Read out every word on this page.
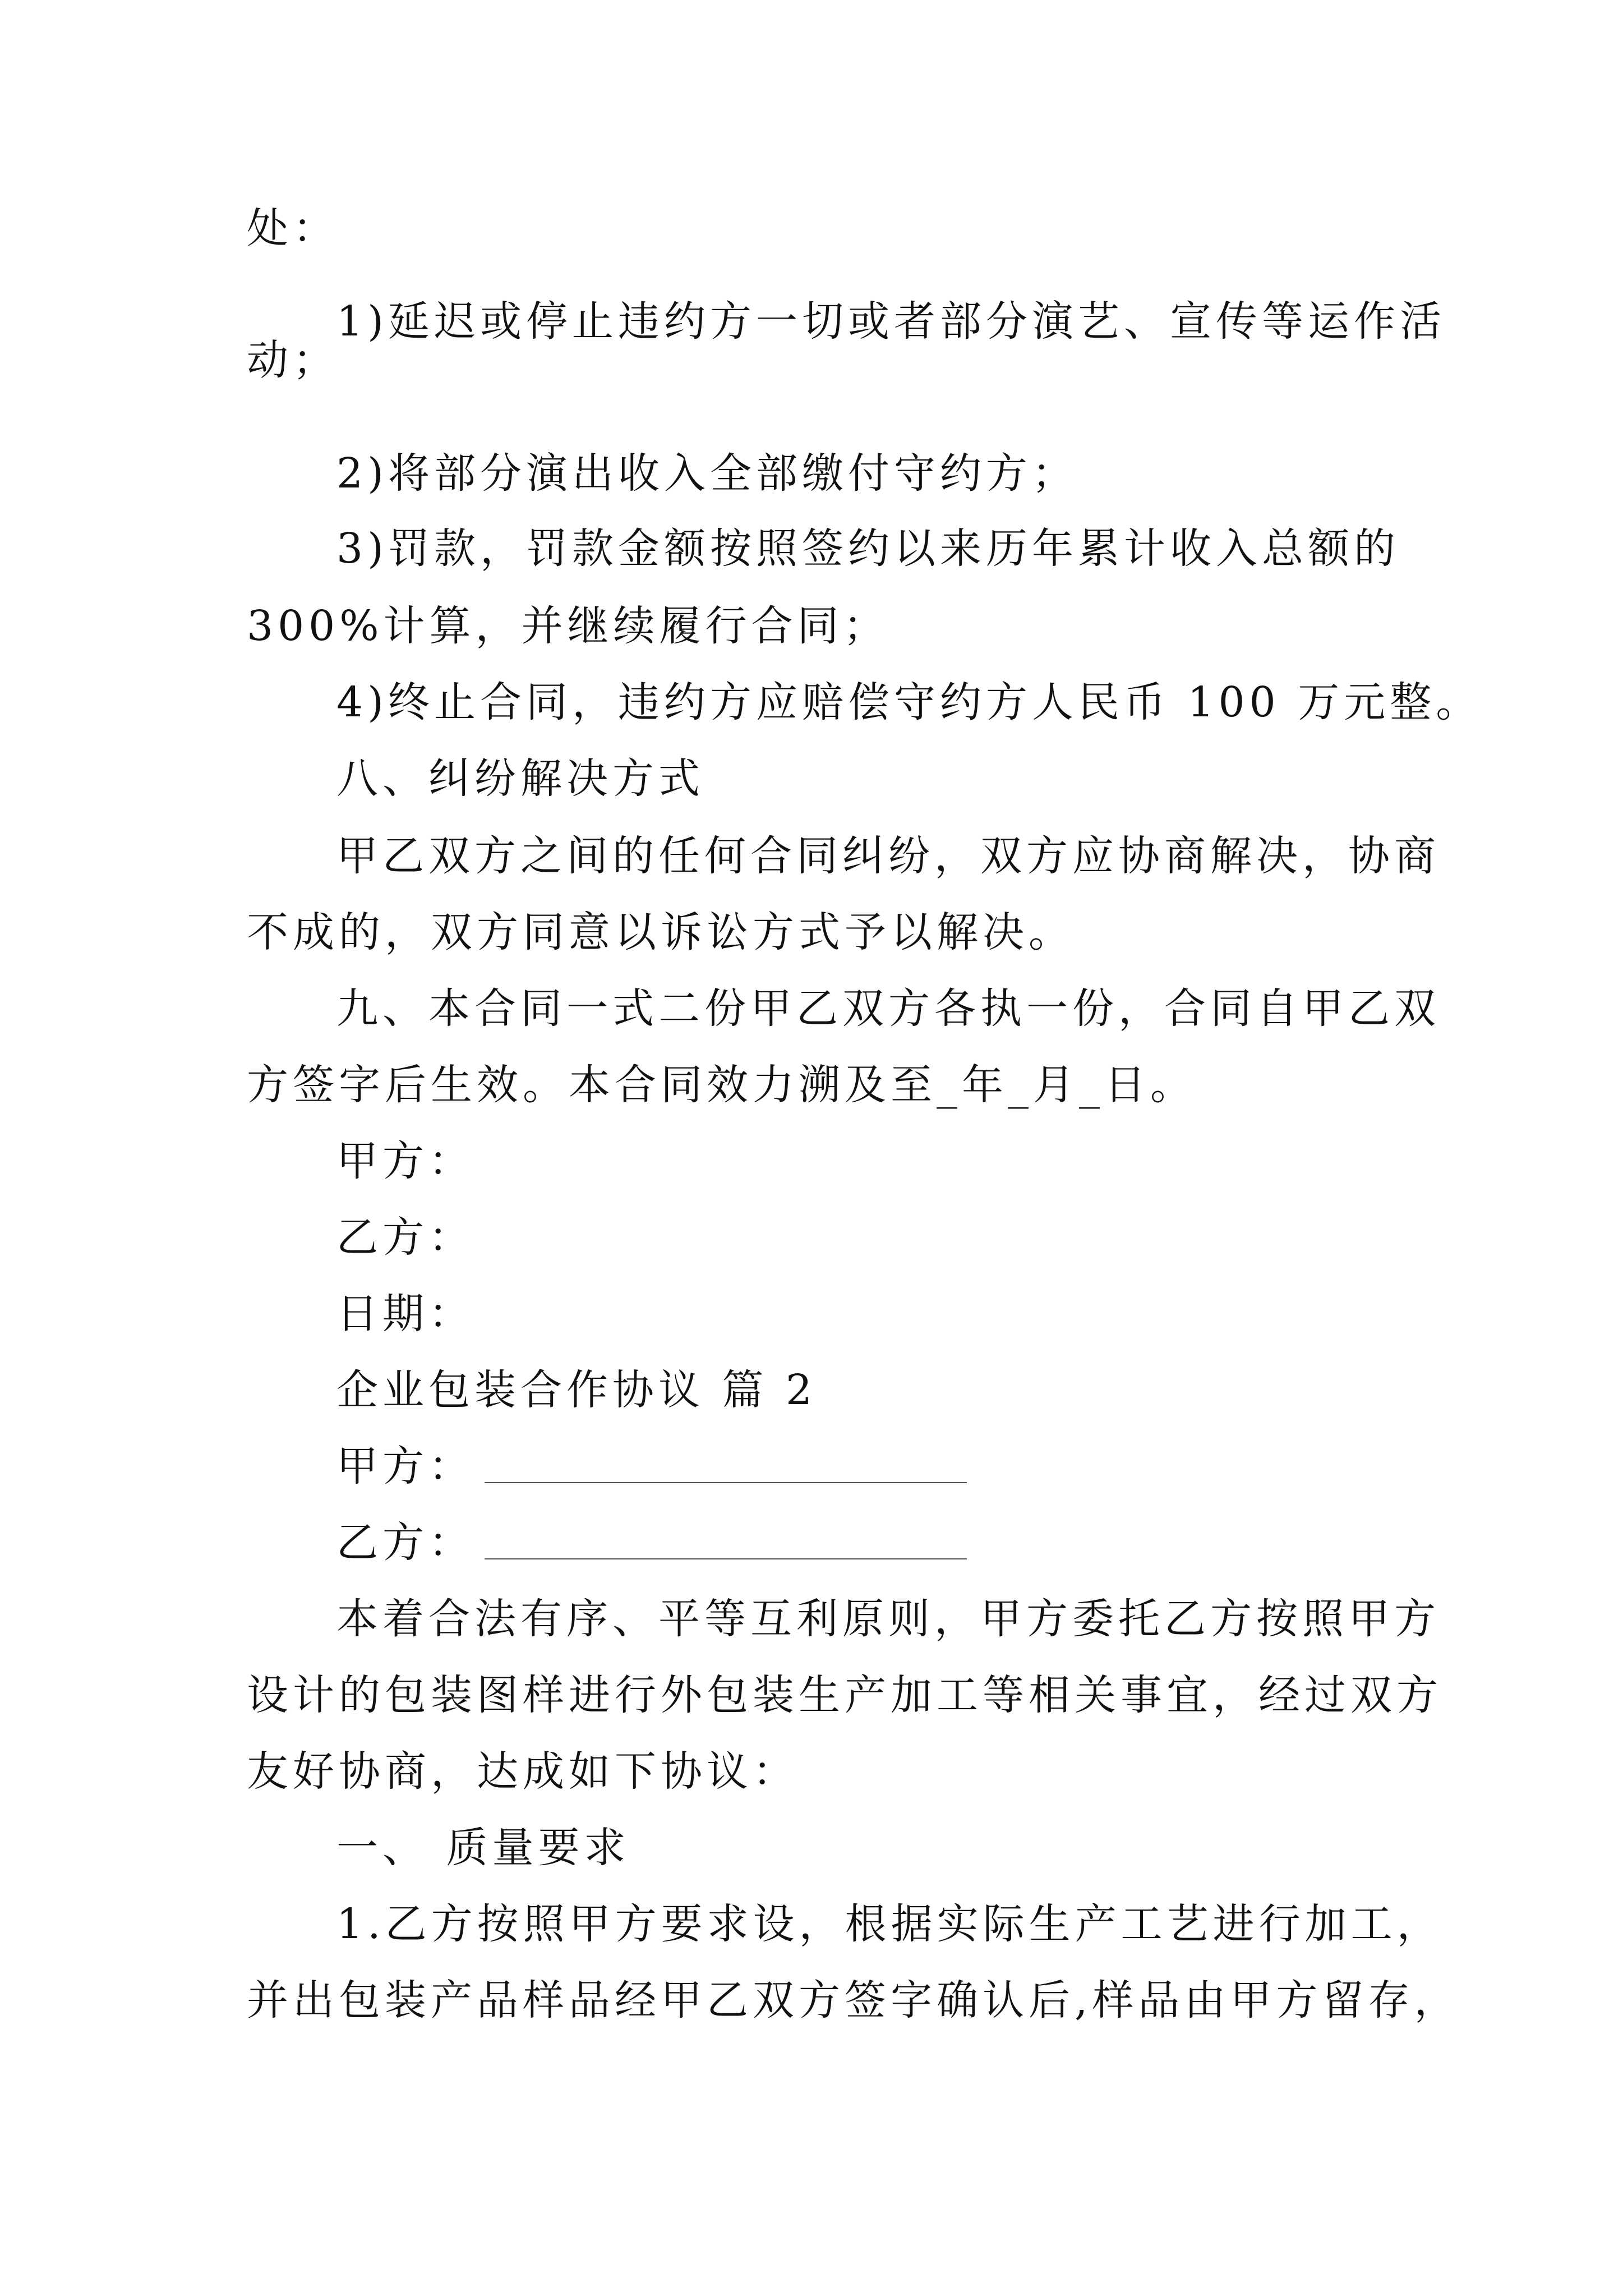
处：
1)延迟或停止违约方一切或者部分演艺、宣传等运作活
动；
2)将部分演出收入全部缴付守约方；
3)罚款，罚款金额按照签约以来历年累计收入总额的
300%计算，并继续履行合同；
4)终止合同，违约方应赔偿守约方人民币 100 万元整。
八、纠纷解决方式
甲乙双方之间的任何合同纠纷，双方应协商解决，协商
不成的，双方同意以诉讼方式予以解决。
九、本合同一式二份甲乙双方各执一份，合同自甲乙双
方签字后生效。本合同效力溯及至_年_月_日。
甲方：
乙方：
日期：
企业包装合作协议 篇 2
甲方：
乙方：
本着合法有序、平等互利原则，甲方委托乙方按照甲方
设计的包装图样进行外包装生产加工等相关事宜，经过双方
友好协商，达成如下协议：
一、 质量要求
1.乙方按照甲方要求设，根据实际生产工艺进行加工，
并出包装产品样品经甲乙双方签字确认后,样品由甲方留存，
